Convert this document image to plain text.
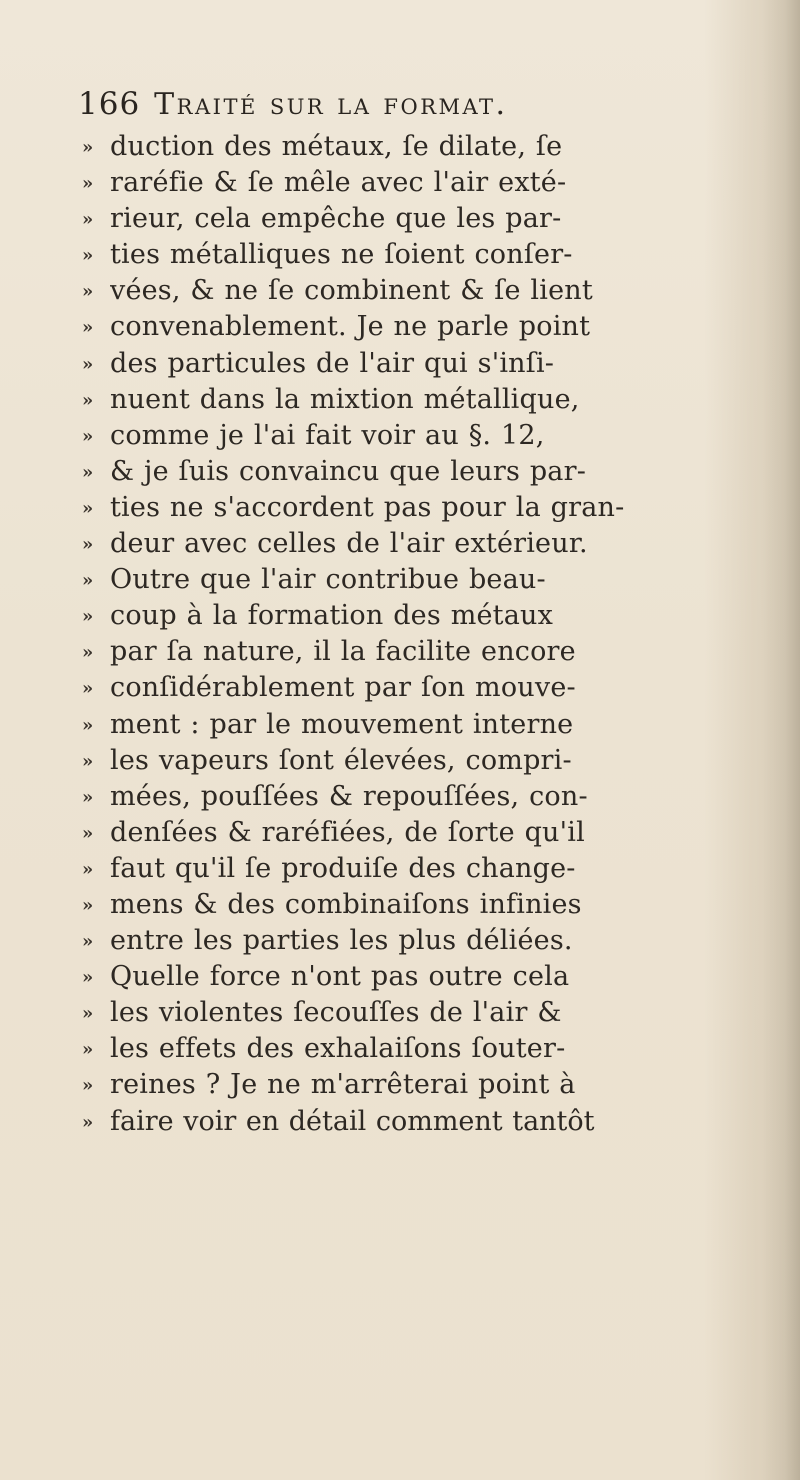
166 Traité sur la format.
» duction des métaux, ſe dilate, ſe
» raréfie & ſe mêle avec l'air exté-
» rieur, cela empêche que les par-
» ties métalliques ne ſoient conſer-
» vées, & ne ſe combinent & ſe lient
» convenablement. Je ne parle point
» des particules de l'air qui s'inſi-
» nuent dans la mixtion métallique,
» comme je l'ai fait voir au §. 12,
» & je ſuis convaincu que leurs par-
» ties ne s'accordent pas pour la gran-
» deur avec celles de l'air extérieur.
» Outre que l'air contribue beau-
» coup à la formation des métaux
» par ſa nature, il la facilite encore
» conſidérablement par ſon mouve-
» ment : par le mouvement interne
» les vapeurs ſont élevées, compri-
» mées, pouſſées & repouſſées, con-
» denſées & raréfiées, de ſorte qu'il
» faut qu'il ſe produiſe des change-
» mens & des combinaiſons infinies
» entre les parties les plus déliées.
» Quelle force n'ont pas outre cela
» les violentes ſecouſſes de l'air &
» les effets des exhalaiſons ſouter-
» reines ? Je ne m'arrêterai point à
» faire voir en détail comment tantôt
